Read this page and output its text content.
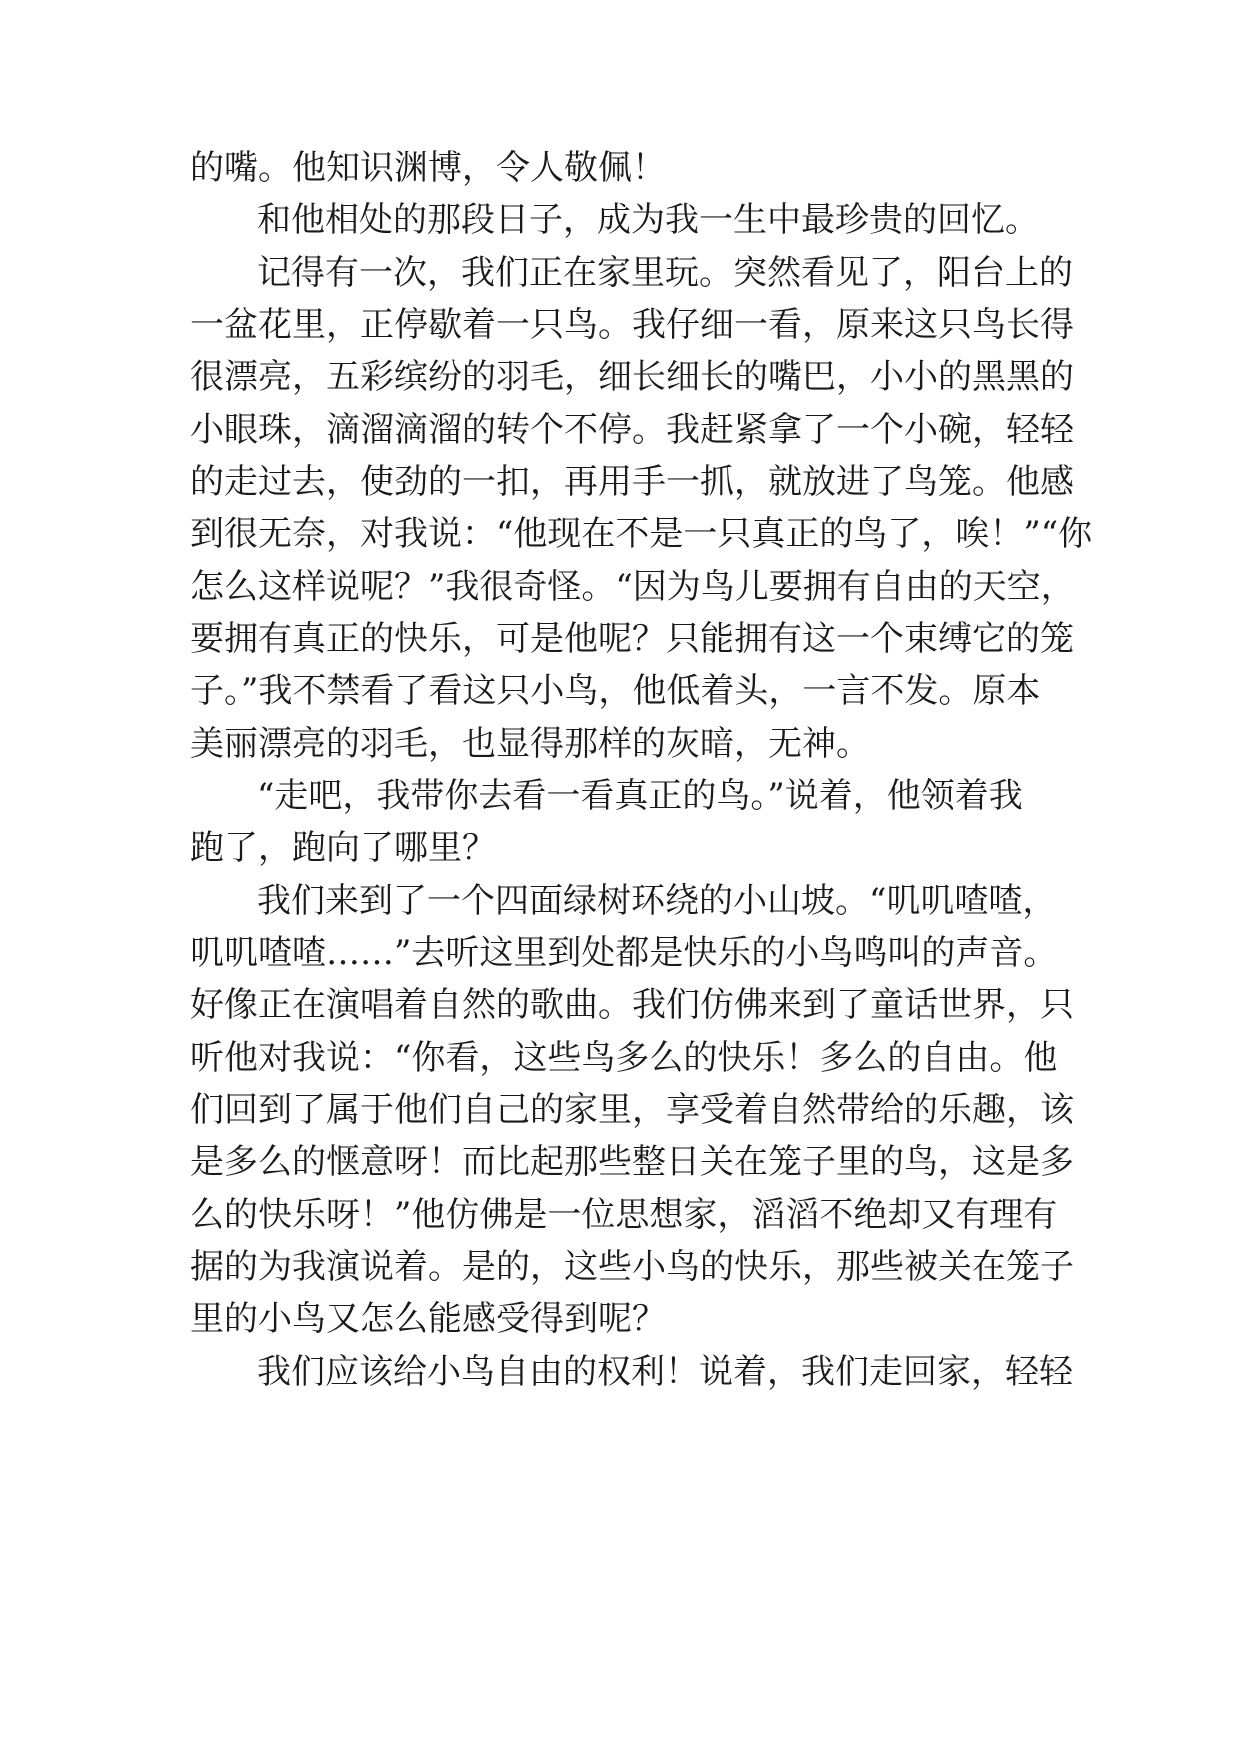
的嘴。他知识渊博，令人敬佩！
和他相处的那段日子，成为我一生中最珍贵的回忆。
记得有一次，我们正在家里玩。突然看见了，阳台上的
一盆花里，正停歇着一只鸟。我仔细一看，原来这只鸟长得
很漂亮，五彩缤纷的羽毛，细长细长的嘴巴，小小的黑黑的
小眼珠，滴溜滴溜的转个不停。我赶紧拿了一个小碗，轻轻
的走过去，使劲的一扣，再用手一抓，就放进了鸟笼。他感
到很无奈，对我说：“他现在不是一只真正的鸟了，唉！”“你
怎么这样说呢？”我很奇怪。“因为鸟儿要拥有自由的天空，
要拥有真正的快乐，可是他呢？只能拥有这一个束缚它的笼
子。”我不禁看了看这只小鸟，他低着头，一言不发。原本
美丽漂亮的羽毛，也显得那样的灰暗，无神。
“走吧，我带你去看一看真正的鸟。”说着，他领着我
跑了，跑向了哪里？
我们来到了一个四面绿树环绕的小山坡。“叽叽喳喳，
叽叽喳喳……”去听这里到处都是快乐的小鸟鸣叫的声音。
好像正在演唱着自然的歌曲。我们仿佛来到了童话世界，只
听他对我说：“你看，这些鸟多么的快乐！多么的自由。他
们回到了属于他们自己的家里，享受着自然带给的乐趣，该
是多么的惬意呀！而比起那些整日关在笼子里的鸟，这是多
么的快乐呀！”他仿佛是一位思想家，滔滔不绝却又有理有
据的为我演说着。是的，这些小鸟的快乐，那些被关在笼子
里的小鸟又怎么能感受得到呢？
我们应该给小鸟自由的权利！说着，我们走回家，轻轻
